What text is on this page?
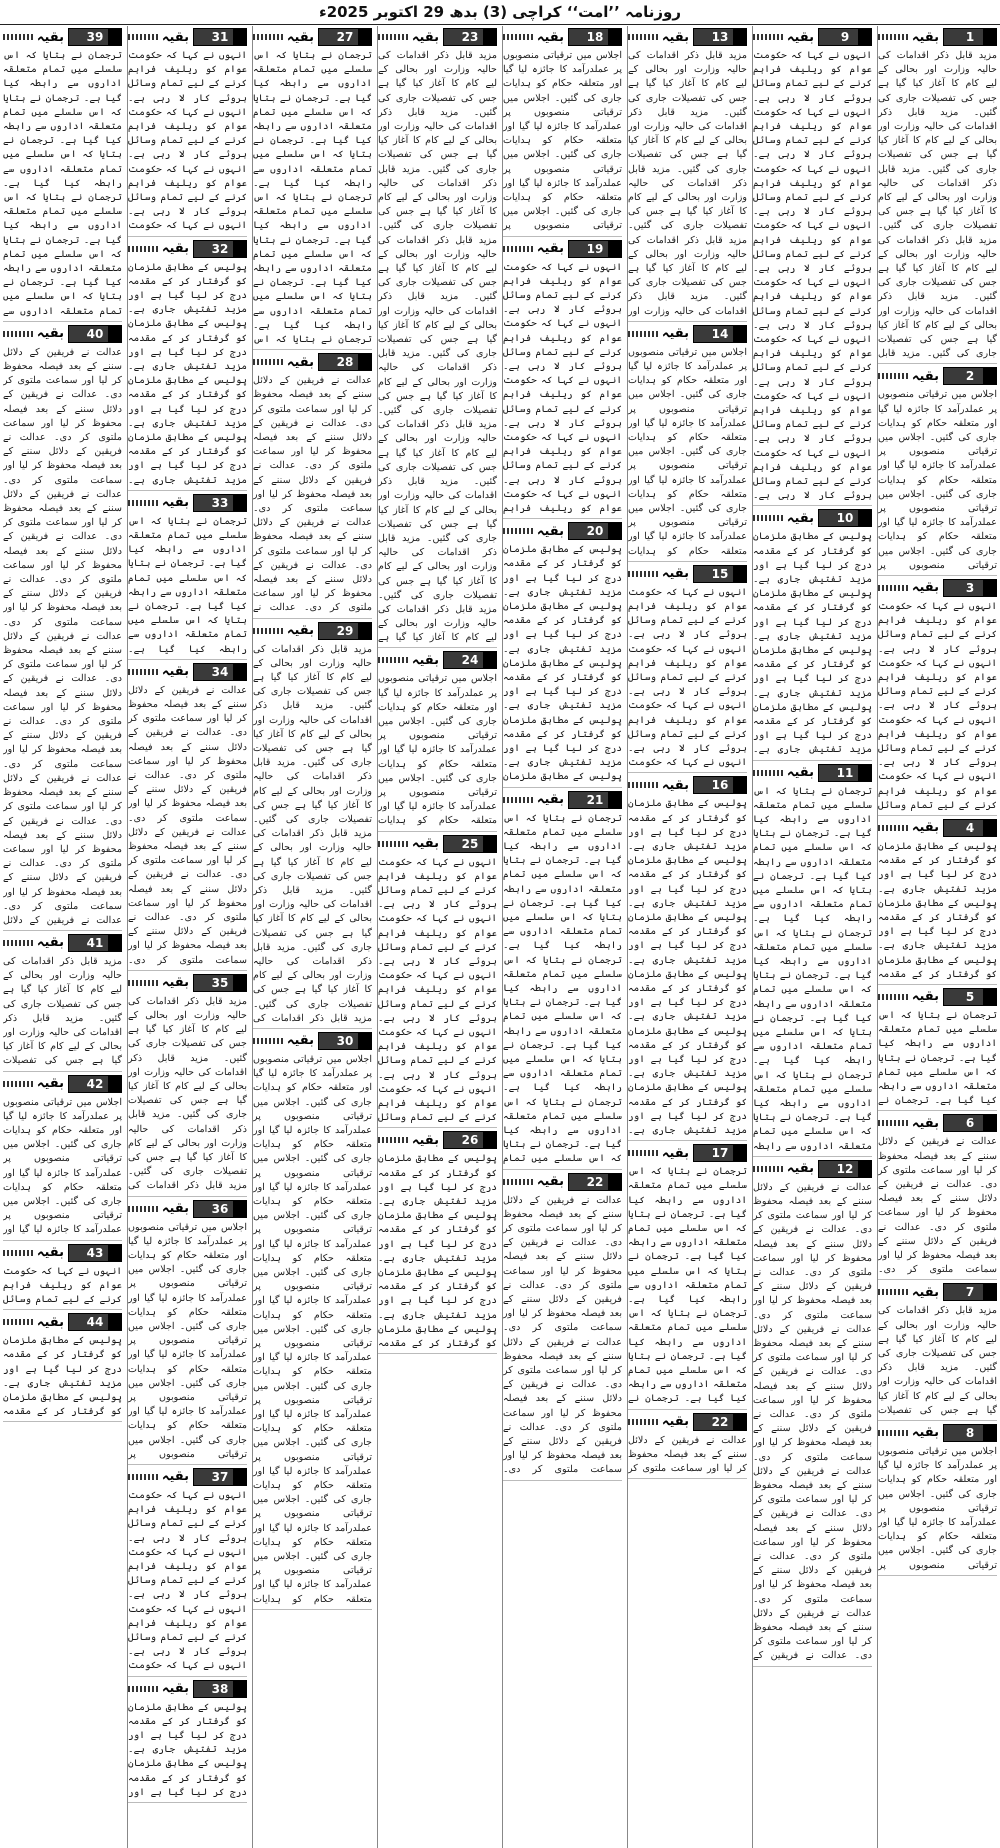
روزنامہ ’’امت‘‘ کراچی (3) بدھ 29 اکتوبر 2025ء
1
بقیہ
مزید قابل ذکر اقدامات کی حالیہ وزارت اور بحالی کے لیے کام کا آغاز کیا گیا ہے جس کی تفصیلات جاری کی گئیں۔ مزید قابل ذکر اقدامات کی حالیہ وزارت اور بحالی کے لیے کام کا آغاز کیا گیا ہے جس کی تفصیلات جاری کی گئیں۔ مزید قابل ذکر اقدامات کی حالیہ وزارت اور بحالی کے لیے کام کا آغاز کیا گیا ہے جس کی تفصیلات جاری کی گئیں۔ مزید قابل ذکر اقدامات کی حالیہ وزارت اور بحالی کے لیے کام کا آغاز کیا گیا ہے جس کی تفصیلات جاری کی گئیں۔ مزید قابل ذکر اقدامات کی حالیہ وزارت اور بحالی کے لیے کام کا آغاز کیا گیا ہے جس کی تفصیلات جاری کی گئیں۔ مزید قابل
2
بقیہ
اجلاس میں ترقیاتی منصوبوں پر عملدرآمد کا جائزہ لیا گیا اور متعلقہ حکام کو ہدایات جاری کی گئیں۔ اجلاس میں ترقیاتی منصوبوں پر عملدرآمد کا جائزہ لیا گیا اور متعلقہ حکام کو ہدایات جاری کی گئیں۔ اجلاس میں ترقیاتی منصوبوں پر عملدرآمد کا جائزہ لیا گیا اور متعلقہ حکام کو ہدایات جاری کی گئیں۔ اجلاس میں ترقیاتی منصوبوں پر
3
بقیہ
انہوں نے کہا کہ حکومت عوام کو ریلیف فراہم کرنے کے لیے تمام وسائل بروئے کار لا رہی ہے۔ انہوں نے کہا کہ حکومت عوام کو ریلیف فراہم کرنے کے لیے تمام وسائل بروئے کار لا رہی ہے۔ انہوں نے کہا کہ حکومت عوام کو ریلیف فراہم کرنے کے لیے تمام وسائل بروئے کار لا رہی ہے۔ انہوں نے کہا کہ حکومت عوام کو ریلیف فراہم کرنے کے لیے تمام وسائل
4
بقیہ
پولیس کے مطابق ملزمان کو گرفتار کر کے مقدمہ درج کر لیا گیا ہے اور مزید تفتیش جاری ہے۔ پولیس کے مطابق ملزمان کو گرفتار کر کے مقدمہ درج کر لیا گیا ہے اور مزید تفتیش جاری ہے۔ پولیس کے مطابق ملزمان کو گرفتار کر کے مقدمہ
5
بقیہ
ترجمان نے بتایا کہ اس سلسلے میں تمام متعلقہ اداروں سے رابطہ کیا گیا ہے۔ ترجمان نے بتایا کہ اس سلسلے میں تمام متعلقہ اداروں سے رابطہ کیا گیا ہے۔ ترجمان نے
6
بقیہ
عدالت نے فریقین کے دلائل سننے کے بعد فیصلہ محفوظ کر لیا اور سماعت ملتوی کر دی۔ عدالت نے فریقین کے دلائل سننے کے بعد فیصلہ محفوظ کر لیا اور سماعت ملتوی کر دی۔ عدالت نے فریقین کے دلائل سننے کے بعد فیصلہ محفوظ کر لیا اور سماعت ملتوی کر دی۔
7
بقیہ
مزید قابل ذکر اقدامات کی حالیہ وزارت اور بحالی کے لیے کام کا آغاز کیا گیا ہے جس کی تفصیلات جاری کی گئیں۔ مزید قابل ذکر اقدامات کی حالیہ وزارت اور بحالی کے لیے کام کا آغاز کیا گیا ہے جس کی تفصیلات
8
بقیہ
اجلاس میں ترقیاتی منصوبوں پر عملدرآمد کا جائزہ لیا گیا اور متعلقہ حکام کو ہدایات جاری کی گئیں۔ اجلاس میں ترقیاتی منصوبوں پر عملدرآمد کا جائزہ لیا گیا اور متعلقہ حکام کو ہدایات جاری کی گئیں۔ اجلاس میں ترقیاتی منصوبوں پر
9
بقیہ
انہوں نے کہا کہ حکومت عوام کو ریلیف فراہم کرنے کے لیے تمام وسائل بروئے کار لا رہی ہے۔ انہوں نے کہا کہ حکومت عوام کو ریلیف فراہم کرنے کے لیے تمام وسائل بروئے کار لا رہی ہے۔ انہوں نے کہا کہ حکومت عوام کو ریلیف فراہم کرنے کے لیے تمام وسائل بروئے کار لا رہی ہے۔ انہوں نے کہا کہ حکومت عوام کو ریلیف فراہم کرنے کے لیے تمام وسائل بروئے کار لا رہی ہے۔ انہوں نے کہا کہ حکومت عوام کو ریلیف فراہم کرنے کے لیے تمام وسائل بروئے کار لا رہی ہے۔ انہوں نے کہا کہ حکومت عوام کو ریلیف فراہم کرنے کے لیے تمام وسائل بروئے کار لا رہی ہے۔ انہوں نے کہا کہ حکومت عوام کو ریلیف فراہم کرنے کے لیے تمام وسائل بروئے کار لا رہی ہے۔ انہوں نے کہا کہ حکومت عوام کو ریلیف فراہم کرنے کے لیے تمام وسائل بروئے کار لا رہی ہے۔
10
بقیہ
پولیس کے مطابق ملزمان کو گرفتار کر کے مقدمہ درج کر لیا گیا ہے اور مزید تفتیش جاری ہے۔ پولیس کے مطابق ملزمان کو گرفتار کر کے مقدمہ درج کر لیا گیا ہے اور مزید تفتیش جاری ہے۔ پولیس کے مطابق ملزمان کو گرفتار کر کے مقدمہ درج کر لیا گیا ہے اور مزید تفتیش جاری ہے۔ پولیس کے مطابق ملزمان کو گرفتار کر کے مقدمہ درج کر لیا گیا ہے اور مزید تفتیش جاری ہے۔
11
بقیہ
ترجمان نے بتایا کہ اس سلسلے میں تمام متعلقہ اداروں سے رابطہ کیا گیا ہے۔ ترجمان نے بتایا کہ اس سلسلے میں تمام متعلقہ اداروں سے رابطہ کیا گیا ہے۔ ترجمان نے بتایا کہ اس سلسلے میں تمام متعلقہ اداروں سے رابطہ کیا گیا ہے۔ ترجمان نے بتایا کہ اس سلسلے میں تمام متعلقہ اداروں سے رابطہ کیا گیا ہے۔ ترجمان نے بتایا کہ اس سلسلے میں تمام متعلقہ اداروں سے رابطہ کیا گیا ہے۔ ترجمان نے بتایا کہ اس سلسلے میں تمام متعلقہ اداروں سے رابطہ کیا گیا ہے۔ ترجمان نے بتایا کہ اس سلسلے میں تمام متعلقہ اداروں سے رابطہ کیا گیا ہے۔ ترجمان نے بتایا کہ اس سلسلے میں تمام متعلقہ اداروں سے رابطہ
12
بقیہ
عدالت نے فریقین کے دلائل سننے کے بعد فیصلہ محفوظ کر لیا اور سماعت ملتوی کر دی۔ عدالت نے فریقین کے دلائل سننے کے بعد فیصلہ محفوظ کر لیا اور سماعت ملتوی کر دی۔ عدالت نے فریقین کے دلائل سننے کے بعد فیصلہ محفوظ کر لیا اور سماعت ملتوی کر دی۔ عدالت نے فریقین کے دلائل سننے کے بعد فیصلہ محفوظ کر لیا اور سماعت ملتوی کر دی۔ عدالت نے فریقین کے دلائل سننے کے بعد فیصلہ محفوظ کر لیا اور سماعت ملتوی کر دی۔ عدالت نے فریقین کے دلائل سننے کے بعد فیصلہ محفوظ کر لیا اور سماعت ملتوی کر دی۔ عدالت نے فریقین کے دلائل سننے کے بعد فیصلہ محفوظ کر لیا اور سماعت ملتوی کر دی۔ عدالت نے فریقین کے دلائل سننے کے بعد فیصلہ محفوظ کر لیا اور سماعت ملتوی کر دی۔ عدالت نے فریقین کے دلائل سننے کے بعد فیصلہ محفوظ کر لیا اور سماعت ملتوی کر دی۔ عدالت نے فریقین کے دلائل سننے کے بعد فیصلہ محفوظ کر لیا اور سماعت ملتوی کر دی۔ عدالت نے فریقین کے
13
بقیہ
مزید قابل ذکر اقدامات کی حالیہ وزارت اور بحالی کے لیے کام کا آغاز کیا گیا ہے جس کی تفصیلات جاری کی گئیں۔ مزید قابل ذکر اقدامات کی حالیہ وزارت اور بحالی کے لیے کام کا آغاز کیا گیا ہے جس کی تفصیلات جاری کی گئیں۔ مزید قابل ذکر اقدامات کی حالیہ وزارت اور بحالی کے لیے کام کا آغاز کیا گیا ہے جس کی تفصیلات جاری کی گئیں۔ مزید قابل ذکر اقدامات کی حالیہ وزارت اور بحالی کے لیے کام کا آغاز کیا گیا ہے جس کی تفصیلات جاری کی گئیں۔ مزید قابل ذکر اقدامات کی حالیہ وزارت اور
14
بقیہ
اجلاس میں ترقیاتی منصوبوں پر عملدرآمد کا جائزہ لیا گیا اور متعلقہ حکام کو ہدایات جاری کی گئیں۔ اجلاس میں ترقیاتی منصوبوں پر عملدرآمد کا جائزہ لیا گیا اور متعلقہ حکام کو ہدایات جاری کی گئیں۔ اجلاس میں ترقیاتی منصوبوں پر عملدرآمد کا جائزہ لیا گیا اور متعلقہ حکام کو ہدایات جاری کی گئیں۔ اجلاس میں ترقیاتی منصوبوں پر عملدرآمد کا جائزہ لیا گیا اور متعلقہ حکام کو ہدایات
15
بقیہ
انہوں نے کہا کہ حکومت عوام کو ریلیف فراہم کرنے کے لیے تمام وسائل بروئے کار لا رہی ہے۔ انہوں نے کہا کہ حکومت عوام کو ریلیف فراہم کرنے کے لیے تمام وسائل بروئے کار لا رہی ہے۔ انہوں نے کہا کہ حکومت عوام کو ریلیف فراہم کرنے کے لیے تمام وسائل بروئے کار لا رہی ہے۔ انہوں نے کہا کہ حکومت
16
بقیہ
پولیس کے مطابق ملزمان کو گرفتار کر کے مقدمہ درج کر لیا گیا ہے اور مزید تفتیش جاری ہے۔ پولیس کے مطابق ملزمان کو گرفتار کر کے مقدمہ درج کر لیا گیا ہے اور مزید تفتیش جاری ہے۔ پولیس کے مطابق ملزمان کو گرفتار کر کے مقدمہ درج کر لیا گیا ہے اور مزید تفتیش جاری ہے۔ پولیس کے مطابق ملزمان کو گرفتار کر کے مقدمہ درج کر لیا گیا ہے اور مزید تفتیش جاری ہے۔ پولیس کے مطابق ملزمان کو گرفتار کر کے مقدمہ درج کر لیا گیا ہے اور مزید تفتیش جاری ہے۔ پولیس کے مطابق ملزمان کو گرفتار کر کے مقدمہ درج کر لیا گیا ہے اور مزید تفتیش جاری ہے۔
17
بقیہ
ترجمان نے بتایا کہ اس سلسلے میں تمام متعلقہ اداروں سے رابطہ کیا گیا ہے۔ ترجمان نے بتایا کہ اس سلسلے میں تمام متعلقہ اداروں سے رابطہ کیا گیا ہے۔ ترجمان نے بتایا کہ اس سلسلے میں تمام متعلقہ اداروں سے رابطہ کیا گیا ہے۔ ترجمان نے بتایا کہ اس سلسلے میں تمام متعلقہ اداروں سے رابطہ کیا گیا ہے۔ ترجمان نے بتایا کہ اس سلسلے میں تمام متعلقہ اداروں سے رابطہ کیا گیا ہے۔ ترجمان نے
22
بقیہ
عدالت نے فریقین کے دلائل سننے کے بعد فیصلہ محفوظ کر لیا اور سماعت ملتوی کر
18
بقیہ
اجلاس میں ترقیاتی منصوبوں پر عملدرآمد کا جائزہ لیا گیا اور متعلقہ حکام کو ہدایات جاری کی گئیں۔ اجلاس میں ترقیاتی منصوبوں پر عملدرآمد کا جائزہ لیا گیا اور متعلقہ حکام کو ہدایات جاری کی گئیں۔ اجلاس میں ترقیاتی منصوبوں پر عملدرآمد کا جائزہ لیا گیا اور متعلقہ حکام کو ہدایات جاری کی گئیں۔ اجلاس میں ترقیاتی منصوبوں پر
19
بقیہ
انہوں نے کہا کہ حکومت عوام کو ریلیف فراہم کرنے کے لیے تمام وسائل بروئے کار لا رہی ہے۔ انہوں نے کہا کہ حکومت عوام کو ریلیف فراہم کرنے کے لیے تمام وسائل بروئے کار لا رہی ہے۔ انہوں نے کہا کہ حکومت عوام کو ریلیف فراہم کرنے کے لیے تمام وسائل بروئے کار لا رہی ہے۔ انہوں نے کہا کہ حکومت عوام کو ریلیف فراہم کرنے کے لیے تمام وسائل بروئے کار لا رہی ہے۔ انہوں نے کہا کہ حکومت عوام کو ریلیف فراہم
20
بقیہ
پولیس کے مطابق ملزمان کو گرفتار کر کے مقدمہ درج کر لیا گیا ہے اور مزید تفتیش جاری ہے۔ پولیس کے مطابق ملزمان کو گرفتار کر کے مقدمہ درج کر لیا گیا ہے اور مزید تفتیش جاری ہے۔ پولیس کے مطابق ملزمان کو گرفتار کر کے مقدمہ درج کر لیا گیا ہے اور مزید تفتیش جاری ہے۔ پولیس کے مطابق ملزمان کو گرفتار کر کے مقدمہ درج کر لیا گیا ہے اور مزید تفتیش جاری ہے۔ پولیس کے مطابق ملزمان
21
بقیہ
ترجمان نے بتایا کہ اس سلسلے میں تمام متعلقہ اداروں سے رابطہ کیا گیا ہے۔ ترجمان نے بتایا کہ اس سلسلے میں تمام متعلقہ اداروں سے رابطہ کیا گیا ہے۔ ترجمان نے بتایا کہ اس سلسلے میں تمام متعلقہ اداروں سے رابطہ کیا گیا ہے۔ ترجمان نے بتایا کہ اس سلسلے میں تمام متعلقہ اداروں سے رابطہ کیا گیا ہے۔ ترجمان نے بتایا کہ اس سلسلے میں تمام متعلقہ اداروں سے رابطہ کیا گیا ہے۔ ترجمان نے بتایا کہ اس سلسلے میں تمام متعلقہ اداروں سے رابطہ کیا گیا ہے۔ ترجمان نے بتایا کہ اس سلسلے میں تمام متعلقہ اداروں سے رابطہ کیا گیا ہے۔ ترجمان نے بتایا کہ اس سلسلے میں تمام
22
بقیہ
عدالت نے فریقین کے دلائل سننے کے بعد فیصلہ محفوظ کر لیا اور سماعت ملتوی کر دی۔ عدالت نے فریقین کے دلائل سننے کے بعد فیصلہ محفوظ کر لیا اور سماعت ملتوی کر دی۔ عدالت نے فریقین کے دلائل سننے کے بعد فیصلہ محفوظ کر لیا اور سماعت ملتوی کر دی۔ عدالت نے فریقین کے دلائل سننے کے بعد فیصلہ محفوظ کر لیا اور سماعت ملتوی کر دی۔ عدالت نے فریقین کے دلائل سننے کے بعد فیصلہ محفوظ کر لیا اور سماعت ملتوی کر دی۔ عدالت نے فریقین کے دلائل سننے کے بعد فیصلہ محفوظ کر لیا اور سماعت ملتوی کر دی۔
23
بقیہ
مزید قابل ذکر اقدامات کی حالیہ وزارت اور بحالی کے لیے کام کا آغاز کیا گیا ہے جس کی تفصیلات جاری کی گئیں۔ مزید قابل ذکر اقدامات کی حالیہ وزارت اور بحالی کے لیے کام کا آغاز کیا گیا ہے جس کی تفصیلات جاری کی گئیں۔ مزید قابل ذکر اقدامات کی حالیہ وزارت اور بحالی کے لیے کام کا آغاز کیا گیا ہے جس کی تفصیلات جاری کی گئیں۔ مزید قابل ذکر اقدامات کی حالیہ وزارت اور بحالی کے لیے کام کا آغاز کیا گیا ہے جس کی تفصیلات جاری کی گئیں۔ مزید قابل ذکر اقدامات کی حالیہ وزارت اور بحالی کے لیے کام کا آغاز کیا گیا ہے جس کی تفصیلات جاری کی گئیں۔ مزید قابل ذکر اقدامات کی حالیہ وزارت اور بحالی کے لیے کام کا آغاز کیا گیا ہے جس کی تفصیلات جاری کی گئیں۔ مزید قابل ذکر اقدامات کی حالیہ وزارت اور بحالی کے لیے کام کا آغاز کیا گیا ہے جس کی تفصیلات جاری کی گئیں۔ مزید قابل ذکر اقدامات کی حالیہ وزارت اور بحالی کے لیے کام کا آغاز کیا گیا ہے جس کی تفصیلات جاری کی گئیں۔ مزید قابل ذکر اقدامات کی حالیہ وزارت اور بحالی کے لیے کام کا آغاز کیا گیا ہے جس کی تفصیلات جاری کی گئیں۔ مزید قابل ذکر اقدامات کی حالیہ وزارت اور بحالی کے لیے کام کا آغاز کیا گیا ہے
24
بقیہ
اجلاس میں ترقیاتی منصوبوں پر عملدرآمد کا جائزہ لیا گیا اور متعلقہ حکام کو ہدایات جاری کی گئیں۔ اجلاس میں ترقیاتی منصوبوں پر عملدرآمد کا جائزہ لیا گیا اور متعلقہ حکام کو ہدایات جاری کی گئیں۔ اجلاس میں ترقیاتی منصوبوں پر عملدرآمد کا جائزہ لیا گیا اور متعلقہ حکام کو ہدایات
25
بقیہ
انہوں نے کہا کہ حکومت عوام کو ریلیف فراہم کرنے کے لیے تمام وسائل بروئے کار لا رہی ہے۔ انہوں نے کہا کہ حکومت عوام کو ریلیف فراہم کرنے کے لیے تمام وسائل بروئے کار لا رہی ہے۔ انہوں نے کہا کہ حکومت عوام کو ریلیف فراہم کرنے کے لیے تمام وسائل بروئے کار لا رہی ہے۔ انہوں نے کہا کہ حکومت عوام کو ریلیف فراہم کرنے کے لیے تمام وسائل بروئے کار لا رہی ہے۔ انہوں نے کہا کہ حکومت عوام کو ریلیف فراہم کرنے کے لیے تمام وسائل
26
بقیہ
پولیس کے مطابق ملزمان کو گرفتار کر کے مقدمہ درج کر لیا گیا ہے اور مزید تفتیش جاری ہے۔ پولیس کے مطابق ملزمان کو گرفتار کر کے مقدمہ درج کر لیا گیا ہے اور مزید تفتیش جاری ہے۔ پولیس کے مطابق ملزمان کو گرفتار کر کے مقدمہ درج کر لیا گیا ہے اور مزید تفتیش جاری ہے۔ پولیس کے مطابق ملزمان کو گرفتار کر کے مقدمہ
27
بقیہ
ترجمان نے بتایا کہ اس سلسلے میں تمام متعلقہ اداروں سے رابطہ کیا گیا ہے۔ ترجمان نے بتایا کہ اس سلسلے میں تمام متعلقہ اداروں سے رابطہ کیا گیا ہے۔ ترجمان نے بتایا کہ اس سلسلے میں تمام متعلقہ اداروں سے رابطہ کیا گیا ہے۔ ترجمان نے بتایا کہ اس سلسلے میں تمام متعلقہ اداروں سے رابطہ کیا گیا ہے۔ ترجمان نے بتایا کہ اس سلسلے میں تمام متعلقہ اداروں سے رابطہ کیا گیا ہے۔ ترجمان نے بتایا کہ اس سلسلے میں تمام متعلقہ اداروں سے رابطہ کیا گیا ہے۔ ترجمان نے بتایا کہ اس
28
بقیہ
عدالت نے فریقین کے دلائل سننے کے بعد فیصلہ محفوظ کر لیا اور سماعت ملتوی کر دی۔ عدالت نے فریقین کے دلائل سننے کے بعد فیصلہ محفوظ کر لیا اور سماعت ملتوی کر دی۔ عدالت نے فریقین کے دلائل سننے کے بعد فیصلہ محفوظ کر لیا اور سماعت ملتوی کر دی۔ عدالت نے فریقین کے دلائل سننے کے بعد فیصلہ محفوظ کر لیا اور سماعت ملتوی کر دی۔ عدالت نے فریقین کے دلائل سننے کے بعد فیصلہ محفوظ کر لیا اور سماعت ملتوی کر دی۔ عدالت نے
29
بقیہ
مزید قابل ذکر اقدامات کی حالیہ وزارت اور بحالی کے لیے کام کا آغاز کیا گیا ہے جس کی تفصیلات جاری کی گئیں۔ مزید قابل ذکر اقدامات کی حالیہ وزارت اور بحالی کے لیے کام کا آغاز کیا گیا ہے جس کی تفصیلات جاری کی گئیں۔ مزید قابل ذکر اقدامات کی حالیہ وزارت اور بحالی کے لیے کام کا آغاز کیا گیا ہے جس کی تفصیلات جاری کی گئیں۔ مزید قابل ذکر اقدامات کی حالیہ وزارت اور بحالی کے لیے کام کا آغاز کیا گیا ہے جس کی تفصیلات جاری کی گئیں۔ مزید قابل ذکر اقدامات کی حالیہ وزارت اور بحالی کے لیے کام کا آغاز کیا گیا ہے جس کی تفصیلات جاری کی گئیں۔ مزید قابل ذکر اقدامات کی حالیہ وزارت اور بحالی کے لیے کام کا آغاز کیا گیا ہے جس کی تفصیلات جاری کی گئیں۔ مزید قابل ذکر اقدامات کی
30
بقیہ
اجلاس میں ترقیاتی منصوبوں پر عملدرآمد کا جائزہ لیا گیا اور متعلقہ حکام کو ہدایات جاری کی گئیں۔ اجلاس میں ترقیاتی منصوبوں پر عملدرآمد کا جائزہ لیا گیا اور متعلقہ حکام کو ہدایات جاری کی گئیں۔ اجلاس میں ترقیاتی منصوبوں پر عملدرآمد کا جائزہ لیا گیا اور متعلقہ حکام کو ہدایات جاری کی گئیں۔ اجلاس میں ترقیاتی منصوبوں پر عملدرآمد کا جائزہ لیا گیا اور متعلقہ حکام کو ہدایات جاری کی گئیں۔ اجلاس میں ترقیاتی منصوبوں پر عملدرآمد کا جائزہ لیا گیا اور متعلقہ حکام کو ہدایات جاری کی گئیں۔ اجلاس میں ترقیاتی منصوبوں پر عملدرآمد کا جائزہ لیا گیا اور متعلقہ حکام کو ہدایات جاری کی گئیں۔ اجلاس میں ترقیاتی منصوبوں پر عملدرآمد کا جائزہ لیا گیا اور متعلقہ حکام کو ہدایات جاری کی گئیں۔ اجلاس میں ترقیاتی منصوبوں پر عملدرآمد کا جائزہ لیا گیا اور متعلقہ حکام کو ہدایات جاری کی گئیں۔ اجلاس میں ترقیاتی منصوبوں پر عملدرآمد کا جائزہ لیا گیا اور متعلقہ حکام کو ہدایات جاری کی گئیں۔ اجلاس میں ترقیاتی منصوبوں پر عملدرآمد کا جائزہ لیا گیا اور متعلقہ حکام کو ہدایات
31
بقیہ
انہوں نے کہا کہ حکومت عوام کو ریلیف فراہم کرنے کے لیے تمام وسائل بروئے کار لا رہی ہے۔ انہوں نے کہا کہ حکومت عوام کو ریلیف فراہم کرنے کے لیے تمام وسائل بروئے کار لا رہی ہے۔ انہوں نے کہا کہ حکومت عوام کو ریلیف فراہم کرنے کے لیے تمام وسائل بروئے کار لا رہی ہے۔ انہوں نے کہا کہ حکومت
32
بقیہ
پولیس کے مطابق ملزمان کو گرفتار کر کے مقدمہ درج کر لیا گیا ہے اور مزید تفتیش جاری ہے۔ پولیس کے مطابق ملزمان کو گرفتار کر کے مقدمہ درج کر لیا گیا ہے اور مزید تفتیش جاری ہے۔ پولیس کے مطابق ملزمان کو گرفتار کر کے مقدمہ درج کر لیا گیا ہے اور مزید تفتیش جاری ہے۔ پولیس کے مطابق ملزمان کو گرفتار کر کے مقدمہ درج کر لیا گیا ہے اور مزید تفتیش جاری ہے۔
33
بقیہ
ترجمان نے بتایا کہ اس سلسلے میں تمام متعلقہ اداروں سے رابطہ کیا گیا ہے۔ ترجمان نے بتایا کہ اس سلسلے میں تمام متعلقہ اداروں سے رابطہ کیا گیا ہے۔ ترجمان نے بتایا کہ اس سلسلے میں تمام متعلقہ اداروں سے رابطہ کیا گیا ہے۔
34
بقیہ
عدالت نے فریقین کے دلائل سننے کے بعد فیصلہ محفوظ کر لیا اور سماعت ملتوی کر دی۔ عدالت نے فریقین کے دلائل سننے کے بعد فیصلہ محفوظ کر لیا اور سماعت ملتوی کر دی۔ عدالت نے فریقین کے دلائل سننے کے بعد فیصلہ محفوظ کر لیا اور سماعت ملتوی کر دی۔ عدالت نے فریقین کے دلائل سننے کے بعد فیصلہ محفوظ کر لیا اور سماعت ملتوی کر دی۔ عدالت نے فریقین کے دلائل سننے کے بعد فیصلہ محفوظ کر لیا اور سماعت ملتوی کر دی۔ عدالت نے فریقین کے دلائل سننے کے بعد فیصلہ محفوظ کر لیا اور سماعت ملتوی کر دی۔
35
بقیہ
مزید قابل ذکر اقدامات کی حالیہ وزارت اور بحالی کے لیے کام کا آغاز کیا گیا ہے جس کی تفصیلات جاری کی گئیں۔ مزید قابل ذکر اقدامات کی حالیہ وزارت اور بحالی کے لیے کام کا آغاز کیا گیا ہے جس کی تفصیلات جاری کی گئیں۔ مزید قابل ذکر اقدامات کی حالیہ وزارت اور بحالی کے لیے کام کا آغاز کیا گیا ہے جس کی تفصیلات جاری کی گئیں۔ مزید قابل ذکر اقدامات کی
36
بقیہ
اجلاس میں ترقیاتی منصوبوں پر عملدرآمد کا جائزہ لیا گیا اور متعلقہ حکام کو ہدایات جاری کی گئیں۔ اجلاس میں ترقیاتی منصوبوں پر عملدرآمد کا جائزہ لیا گیا اور متعلقہ حکام کو ہدایات جاری کی گئیں۔ اجلاس میں ترقیاتی منصوبوں پر عملدرآمد کا جائزہ لیا گیا اور متعلقہ حکام کو ہدایات جاری کی گئیں۔ اجلاس میں ترقیاتی منصوبوں پر عملدرآمد کا جائزہ لیا گیا اور متعلقہ حکام کو ہدایات جاری کی گئیں۔ اجلاس میں ترقیاتی منصوبوں پر
37
بقیہ
انہوں نے کہا کہ حکومت عوام کو ریلیف فراہم کرنے کے لیے تمام وسائل بروئے کار لا رہی ہے۔ انہوں نے کہا کہ حکومت عوام کو ریلیف فراہم کرنے کے لیے تمام وسائل بروئے کار لا رہی ہے۔ انہوں نے کہا کہ حکومت عوام کو ریلیف فراہم کرنے کے لیے تمام وسائل بروئے کار لا رہی ہے۔ انہوں نے کہا کہ حکومت
38
بقیہ
پولیس کے مطابق ملزمان کو گرفتار کر کے مقدمہ درج کر لیا گیا ہے اور مزید تفتیش جاری ہے۔ پولیس کے مطابق ملزمان کو گرفتار کر کے مقدمہ درج کر لیا گیا ہے اور
39
بقیہ
ترجمان نے بتایا کہ اس سلسلے میں تمام متعلقہ اداروں سے رابطہ کیا گیا ہے۔ ترجمان نے بتایا کہ اس سلسلے میں تمام متعلقہ اداروں سے رابطہ کیا گیا ہے۔ ترجمان نے بتایا کہ اس سلسلے میں تمام متعلقہ اداروں سے رابطہ کیا گیا ہے۔ ترجمان نے بتایا کہ اس سلسلے میں تمام متعلقہ اداروں سے رابطہ کیا گیا ہے۔ ترجمان نے بتایا کہ اس سلسلے میں تمام متعلقہ اداروں سے رابطہ کیا گیا ہے۔ ترجمان نے بتایا کہ اس سلسلے میں تمام متعلقہ اداروں سے
40
بقیہ
عدالت نے فریقین کے دلائل سننے کے بعد فیصلہ محفوظ کر لیا اور سماعت ملتوی کر دی۔ عدالت نے فریقین کے دلائل سننے کے بعد فیصلہ محفوظ کر لیا اور سماعت ملتوی کر دی۔ عدالت نے فریقین کے دلائل سننے کے بعد فیصلہ محفوظ کر لیا اور سماعت ملتوی کر دی۔ عدالت نے فریقین کے دلائل سننے کے بعد فیصلہ محفوظ کر لیا اور سماعت ملتوی کر دی۔ عدالت نے فریقین کے دلائل سننے کے بعد فیصلہ محفوظ کر لیا اور سماعت ملتوی کر دی۔ عدالت نے فریقین کے دلائل سننے کے بعد فیصلہ محفوظ کر لیا اور سماعت ملتوی کر دی۔ عدالت نے فریقین کے دلائل سننے کے بعد فیصلہ محفوظ کر لیا اور سماعت ملتوی کر دی۔ عدالت نے فریقین کے دلائل سننے کے بعد فیصلہ محفوظ کر لیا اور سماعت ملتوی کر دی۔ عدالت نے فریقین کے دلائل سننے کے بعد فیصلہ محفوظ کر لیا اور سماعت ملتوی کر دی۔ عدالت نے فریقین کے دلائل سننے کے بعد فیصلہ محفوظ کر لیا اور سماعت ملتوی کر دی۔ عدالت نے فریقین کے دلائل سننے کے بعد فیصلہ محفوظ کر لیا اور سماعت ملتوی کر دی۔ عدالت نے فریقین کے دلائل سننے کے بعد فیصلہ محفوظ کر لیا اور سماعت ملتوی کر دی۔ عدالت نے فریقین کے دلائل
41
بقیہ
مزید قابل ذکر اقدامات کی حالیہ وزارت اور بحالی کے لیے کام کا آغاز کیا گیا ہے جس کی تفصیلات جاری کی گئیں۔ مزید قابل ذکر اقدامات کی حالیہ وزارت اور بحالی کے لیے کام کا آغاز کیا گیا ہے جس کی تفصیلات
42
بقیہ
اجلاس میں ترقیاتی منصوبوں پر عملدرآمد کا جائزہ لیا گیا اور متعلقہ حکام کو ہدایات جاری کی گئیں۔ اجلاس میں ترقیاتی منصوبوں پر عملدرآمد کا جائزہ لیا گیا اور متعلقہ حکام کو ہدایات جاری کی گئیں۔ اجلاس میں ترقیاتی منصوبوں پر عملدرآمد کا جائزہ لیا گیا اور
43
بقیہ
انہوں نے کہا کہ حکومت عوام کو ریلیف فراہم کرنے کے لیے تمام وسائل
44
بقیہ
پولیس کے مطابق ملزمان کو گرفتار کر کے مقدمہ درج کر لیا گیا ہے اور مزید تفتیش جاری ہے۔ پولیس کے مطابق ملزمان کو گرفتار کر کے مقدمہ
